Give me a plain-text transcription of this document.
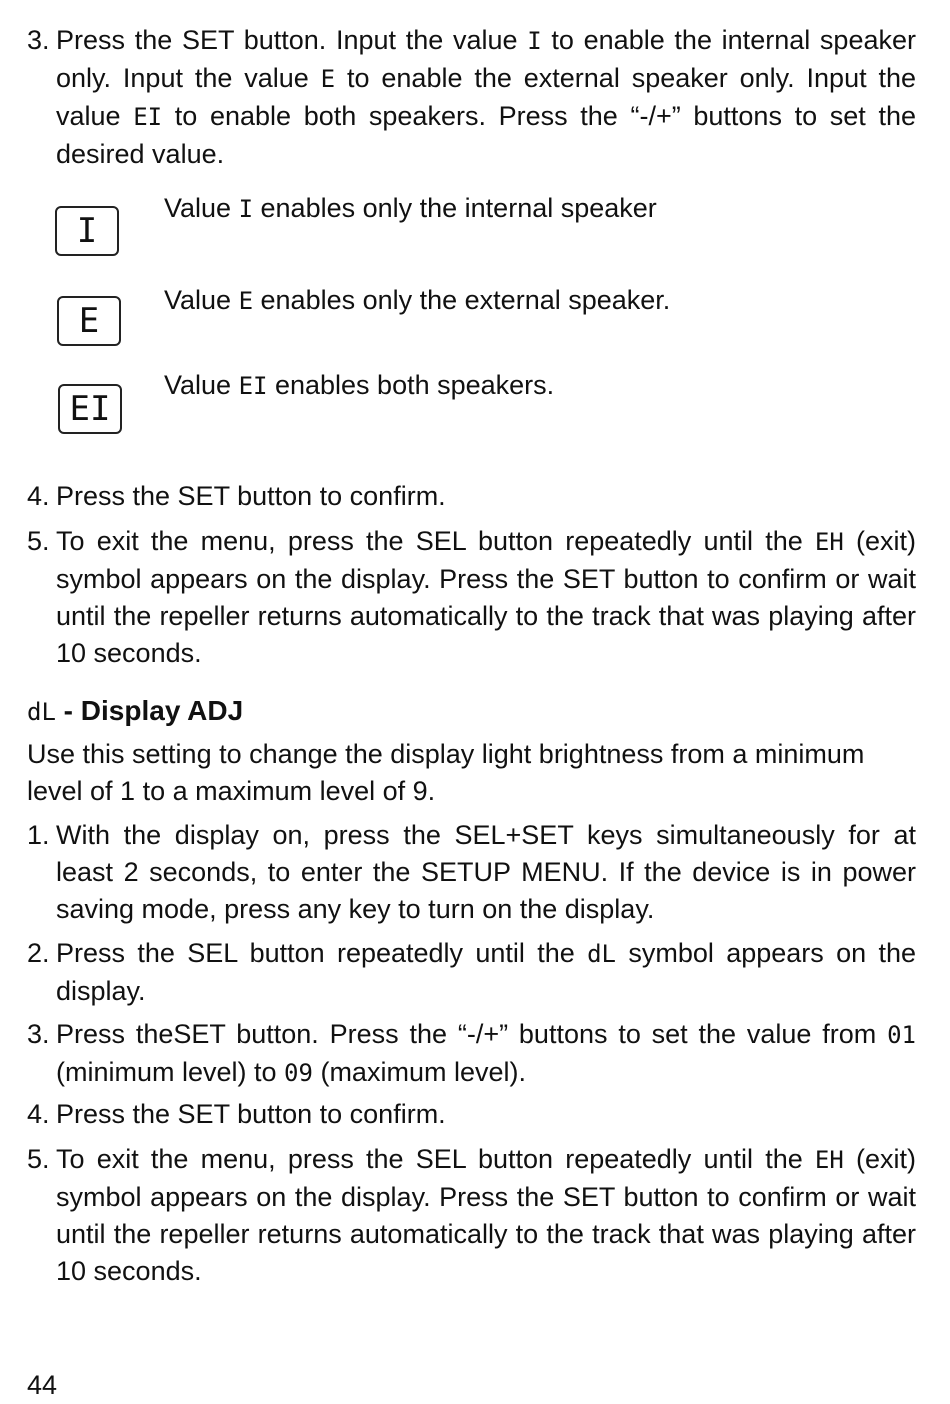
3. Press the SET button. Input the value I to enable the internal speaker only. Input the value E to enable the external speaker only. Input the value EI to enable both speakers. Press the “-/+” buttons to set the desired value.

I
Value I enables only the internal speaker
E
Value E enables only the external speaker.
EI
Value EI enables both speakers.
4. Press the SET button to confirm.

5. To exit the menu, press the SEL button repeatedly until the EH (exit) symbol appears on the display. Press the SET button to confirm or wait until the repeller returns automatically to the track that was playing after 10 seconds.

dL - Display ADJ

Use this setting to change the display light brightness from a minimum level of 1 to a maximum level of 9.

1. With the display on, press the SEL+SET keys simultaneously for at least 2 seconds, to enter the SETUP MENU. If the device is in power saving mode, press any key to turn on the display.

2. Press the SEL button repeatedly until the dL symbol appears on the display.

3. Press theSET button. Press the “-/+” buttons to set the value from 01 (minimum level) to 09 (maximum level).

4. Press the SET button to confirm.

5. To exit the menu, press the SEL button repeatedly until the EH (exit) symbol appears on the display. Press the SET button to confirm or wait until the repeller returns automatically to the track that was playing after 10 seconds.

44
